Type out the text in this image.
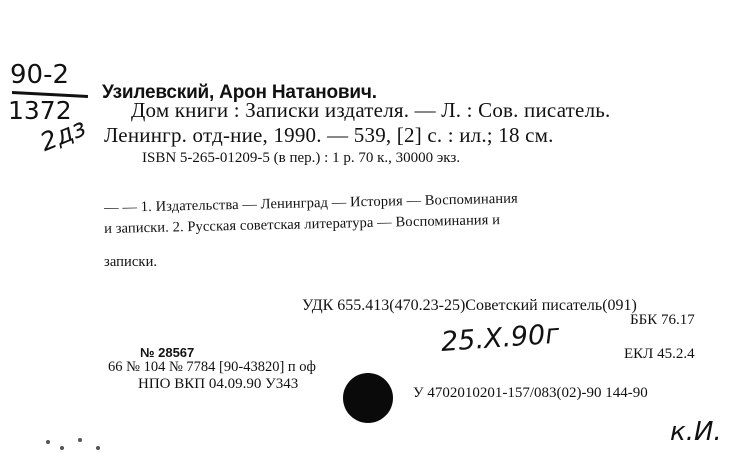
90-2
1372
2дз
Узилевский, Арон Натанович.
Дом книги : Записки издателя. — Л. : Сов. писатель.
Ленингр. отд-ние, 1990. — 539, [2] с. : ил.; 18 см.
ISBN 5-265-01209-5 (в пер.) : 1 р. 70 к., 30000 экз.
— — 1. Издательства — Ленинград — История — Воспоминания
и записки. 2. Русская советская литература — Воспоминания и
записки.
УДК 655.413(470.23-25)Советский писатель(091)
ББК 76.17
25.X.90г
№ 28567
66 № 104 № 7784 [90-43820] п оф
ЕКЛ 45.2.4
НПО ВКП 04.09.90 У343
У 4702010201-157/083(02)-90 144-90
к.И.
